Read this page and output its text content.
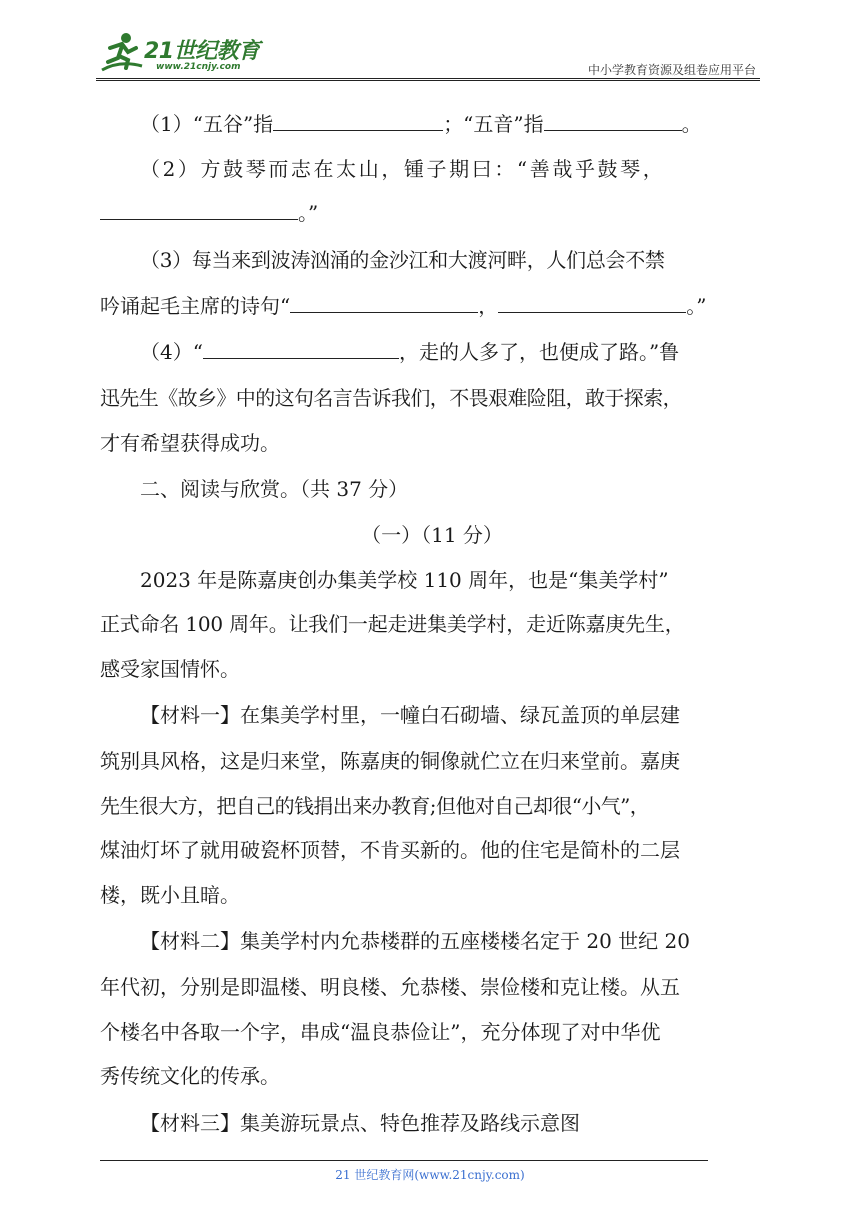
21世纪教育
www.21cnjy.com	中小学教育资源及组卷应用平台

（1）“五谷”指	；“五音”指	。

（2）方鼓琴而志在太山，锺子期曰：“善哉乎鼓琴，

。”

（3）每当来到波涛汹涌的金沙江和大渡河畔，人们总会不禁

吟诵起毛主席的诗句“	，	。”

（4）“	，走的人多了，也便成了路。”鲁

迅先生《故乡》中的这句名言告诉我们，不畏艰难险阻，敢于探索，

才有希望获得成功。

二、阅读与欣赏。（共 37 分）

（一）（11 分）

2023 年是陈嘉庚创办集美学校 110 周年，也是“集美学村”

正式命名 100 周年。让我们一起走进集美学村，走近陈嘉庚先生，

感受家国情怀。

【材料一】在集美学村里，一幢白石砌墙、绿瓦盖顶的单层建

筑别具风格，这是归来堂，陈嘉庚的铜像就伫立在归来堂前。嘉庚

先生很大方，把自己的钱捐出来办教育;但他对自己却很“小气”，

煤油灯坏了就用破瓷杯顶替，不肯买新的。他的住宅是简朴的二层

楼，既小且暗。

【材料二】集美学村内允恭楼群的五座楼楼名定于 20 世纪 20

年代初，分别是即温楼、明良楼、允恭楼、崇俭楼和克让楼。从五

个楼名中各取一个字，串成“温良恭俭让”，充分体现了对中华优

秀传统文化的传承。

【材料三】集美游玩景点、特色推荐及路线示意图

21 世纪教育网(www.21cnjy.com)
